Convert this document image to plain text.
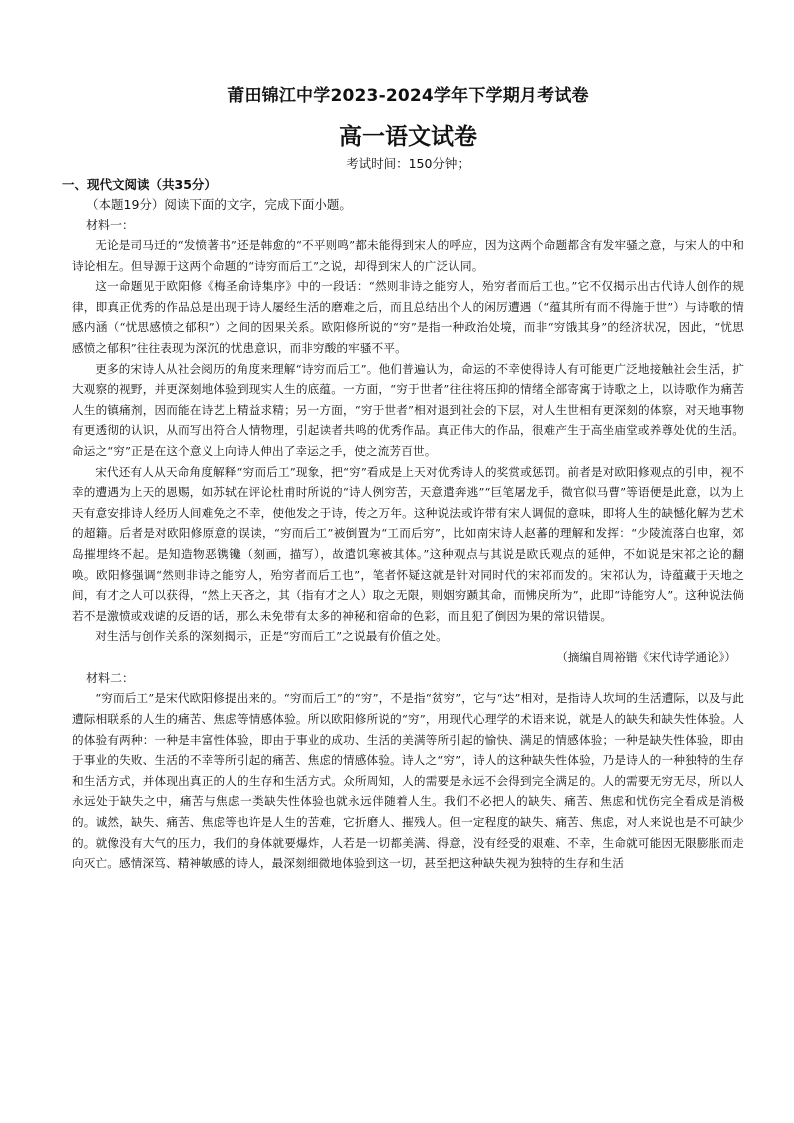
莆田锦江中学2023-2024学年下学期月考试卷
高一语文试卷
考试时间：150分钟；
一、现代文阅读（共35分）
（本题19分）阅读下面的文字，完成下面小题。
材料一：

无论是司马迁的“发愤著书”还是韩愈的“不平则鸣”都未能得到宋人的呼应，因为这两个命题都含有发牢骚之意，与宋人的中和诗论相左。但导源于这两个命题的“诗穷而后工”之说，却得到宋人的广泛认同。

这一命题见于欧阳修《梅圣俞诗集序》中的一段话：“然则非诗之能穷人，殆穷者而后工也。”它不仅揭示出古代诗人创作的规律，即真正优秀的作品总是出现于诗人屡经生活的磨难之后，而且总结出个人的闲厉遭遇（“蕴其所有而不得施于世”）与诗歌的情感内涵（“忧思感愤之郁积”）之间的因果关系。欧阳修所说的“穷”是指一种政治处境，而非“穷饿其身”的经济状况，因此，“忧思感愤之郁积”往往表现为深沉的忧患意识，而非穷酸的牢骚不平。

更多的宋诗人从社会阅历的角度来理解“诗穷而后工”。他们普遍认为，命运的不幸使得诗人有可能更广泛地接触社会生活，扩大观察的视野，并更深刻地体验到现实人生的底蕴。一方面，“穷于世者”往往将压抑的情绪全部寄寓于诗歌之上，以诗歌作为痛苦人生的镇痛剂，因而能在诗艺上精益求精；另一方面，“穷于世者”相对退到社会的下层，对人生世相有更深刻的体察，对天地事物有更透彻的认识，从而写出符合人情物理，引起读者共鸣的优秀作品。真正伟大的作品，很难产生于高坐庙堂或养尊处优的生活。命运之“穷”正是在这个意义上向诗人伸出了幸运之手，使之流芳百世。

宋代还有人从天命角度解释“穷而后工”现象，把“穷”看成是上天对优秀诗人的奖赏或惩罚。前者是对欧阳修观点的引申，视不幸的遭遇为上天的恩赐，如苏轼在评论杜甫时所说的“诗人例穷苦，天意遣奔逃”“巨笔屠龙手，微官似马曹”等语便是此意，以为上天有意安排诗人经历人间难免之不幸，使他发之于诗，传之万年。这种说法或许带有宋人调侃的意味，即将人生的缺憾化解为艺术的超籍。后者是对欧阳修原意的误读，“穷而后工”被倒置为“工而后穷”，比如南宋诗人赵蕃的理解和发挥：“少陵流落白也窜，郊岛摧埋终不起。是知造物恶镌镵（刻画，描写），故遣饥寒被其体。”这种观点与其说是欧氏观点的延伸，不如说是宋祁之论的翻唤。欧阳修强调“然则非诗之能穷人，殆穷者而后工也”，笔者怀疑这就是针对同时代的宋祁而发的。宋祁认为，诗蕴藏于天地之间，有才之人可以获得，“然上天吝之，其（指有才之人）取之无限，则姻穷踬其命，而怫戾所为”，此即“诗能穷人”。这种说法倘若不是激愤或戏谑的反语的话，那么未免带有太多的神秘和宿命的色彩，而且犯了倒因为果的常识错误。

对生活与创作关系的深刻揭示，正是“穷而后工”之说最有价值之处。

（摘编自周裕锴《宋代诗学通论》）

材料二：

“穷而后工”是宋代欧阳修提出来的。“穷而后工”的“穷”，不是指“贫穷”，它与“达”相对，是指诗人坎坷的生活遭际，以及与此遭际相联系的人生的痛苦、焦虑等情感体验。所以欧阳修所说的“穷”，用现代心理学的术语来说，就是人的缺失和缺失性体验。人的体验有两种：一种是丰富性体验，即由于事业的成功、生活的美满等所引起的愉快、满足的情感体验；一种是缺失性体验，即由于事业的失败、生活的不幸等所引起的痛苦、焦虑的情感体验。诗人之“穷”，诗人的这种缺失性体验，乃是诗人的一种独特的生存和生活方式，并体现出真正的人的生存和生活方式。众所周知，人的需要是永远不会得到完全满足的。人的需要无穷无尽，所以人永远处于缺失之中，痛苦与焦虑一类缺失性体验也就永远伴随着人生。我们不必把人的缺失、痛苦、焦虑和忧伤完全看成是消极的。诚然，缺失、痛苦、焦虑等也许是人生的苦难，它折磨人、摧残人。但一定程度的缺失、痛苦、焦虑，对人来说也是不可缺少的。就像没有大气的压力，我们的身体就要爆炸，人若是一切都美满、得意，没有经受的艰难、不幸，生命就可能因无限膨胀而走向灭亡。感情深笃、精神敏感的诗人，最深刻细微地体验到这一切，甚至把这种缺失视为独特的生存和生活
